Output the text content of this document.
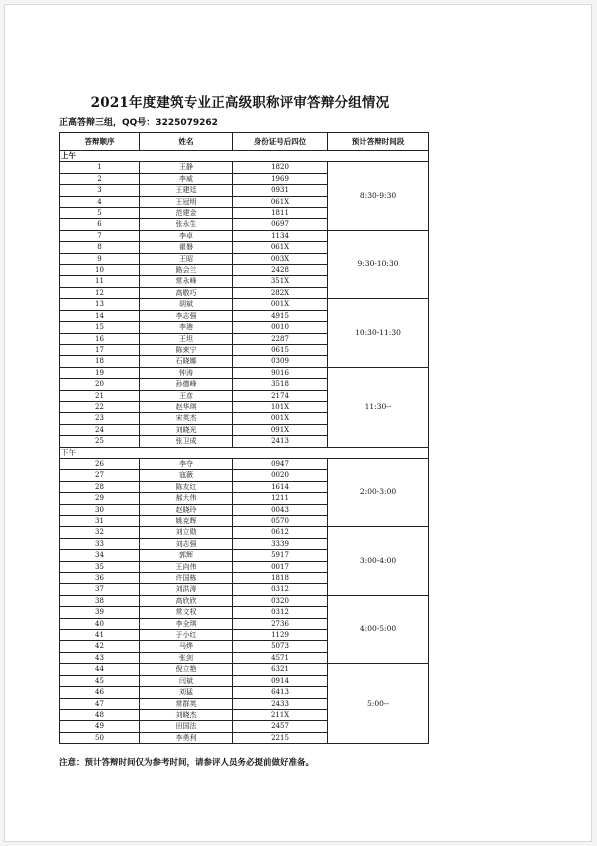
2021年度建筑专业正高级职称评审答辩分组情况
正高答辩三组，QQ号：3225079262
答辩顺序	姓名	身份证号后四位	预计答辩时间段
上午			
1	王静	1820	8:30-9:30
2	李威	1969	
3	王建廷	0931	
4	王冠明	061X	
5	范建金	1811	
6	张永生	0697	
7	李卓	1134	9:30-10:30
8	翟磐	061X	
9	王昭	003X	
10	路会兰	2428	
11	常永峰	351X	
12	高敬巧	282X	
13	胡斌	001X	10:30-11:30
14	李志强	4915	
15	李港	0010	
16	王坦	2287	
17	陈束宁	0615	
18	石晓娜	0309	
19	钟涛	9016	11:30--
20	孙德峰	3518	
21	王彦	2174	
22	赵华琪	101X	
23	宋英杰	001X	
24	刘晓光	091X	
25	张卫成	2413	
下午			
26	李夺	0947	2:00-3:00
27	寇薇	0020	
28	陈友红	1614	
29	郝大伟	1211	
30	赵晓玲	0043	
31	姚克辉	0570	
32	刘立勋	0612	3:00-4:00
33	刘志强	3339	
34	郭辉	5917	
35	王向伟	0017	
36	许国栋	1818	
37	刘洪涛	0312	
38	高欣欣	0320	4:00-5:00
39	常文权	0312	
40	李全琪	2736	
41	于小红	1129	
42	马烨	5073	
43	张剑	4571	
44	倪立艳	6321	5:00--
45	闫斌	0914	
46	刘猛	6413	
47	常群英	2433	
48	刘晓杰	211X	
49	田国法	2457	
50	李勇利	2215	
注意：预计答辩时间仅为参考时间，请参评人员务必提前做好准备。
